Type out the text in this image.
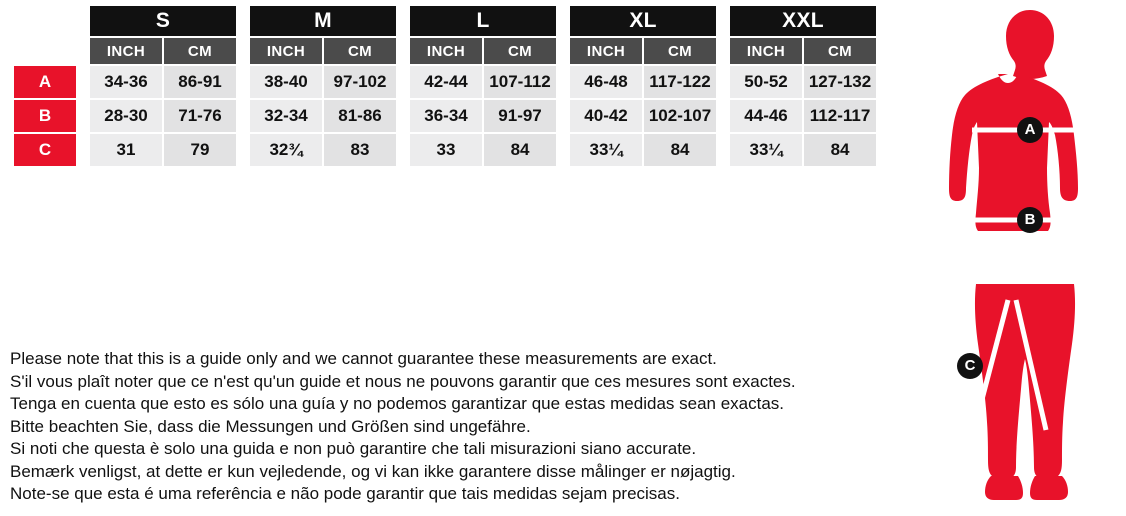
		S			M			L			XL			XXL	
		INCH	CM		INCH	CM		INCH	CM		INCH	CM		INCH	CM
A		34-36	86-91		38-40	97-102		42-44	107-112		46-48	117-122		50-52	127-132
B		28-30	71-76		32-34	81-86		36-34	91-97		40-42	102-107		44-46	112-117
C		31	79		32¾	83		33	84		33¼	84		33¼	84

Please note that this is a guide only and we cannot guarantee these measurements are exact.

S'il vous plaît noter que ce n'est qu'un guide et nous ne pouvons garantir que ces mesures sont exactes.

Tenga en cuenta que esto es sólo una guía y no podemos garantizar que estas medidas sean exactas.

Bitte beachten Sie, dass die Messungen und Größen sind ungefähre.

Si noti che questa è solo una guida e non può garantire che tali misurazioni siano accurate.

Bemærk venligst, at dette er kun vejledende, og vi kan ikke garantere disse målinger er nøjagtig.

Note-se que esta é uma referência e não pode garantir que tais medidas sejam precisas.

A
B
C
